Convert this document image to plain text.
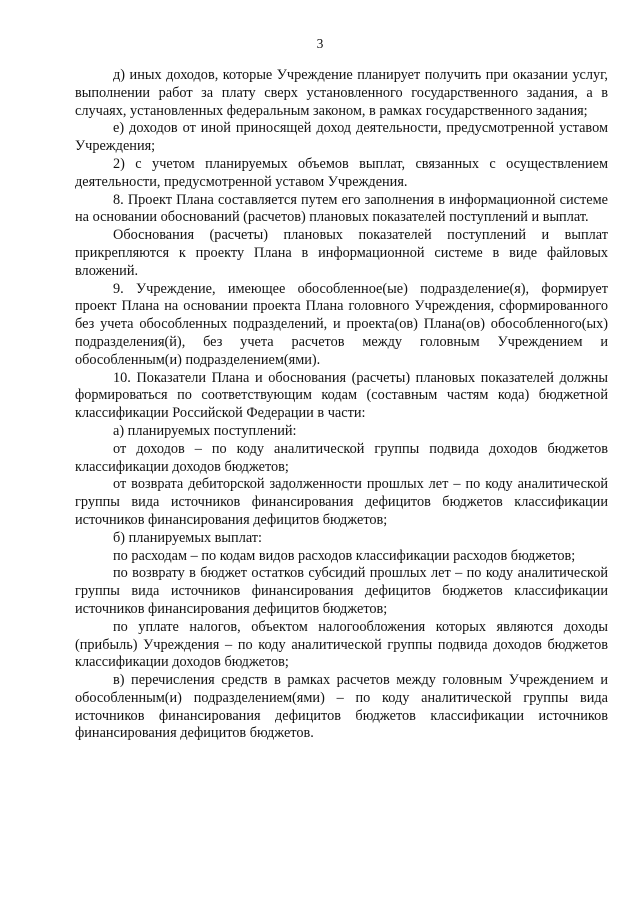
3

д) иных доходов, которые Учреждение планирует получить при оказании услуг, выполнении работ за плату сверх установленного государственного задания, а в случаях, установленных федеральным законом, в рамках государственного задания;

е) доходов от иной приносящей доход деятельности, предусмотренной уставом Учреждения;

2) с учетом планируемых объемов выплат, связанных с осуществлением деятельности, предусмотренной уставом Учреждения.

8. Проект Плана составляется путем его заполнения в информационной системе на основании обоснований (расчетов) плановых показателей поступлений и выплат.

Обоснования (расчеты) плановых показателей поступлений и выплат прикрепляются к проекту Плана в информационной системе в виде файловых вложений.

9. Учреждение, имеющее обособленное(ые) подразделение(я), формирует проект Плана на основании проекта Плана головного Учреждения, сформированного без учета обособленных подразделений, и проекта(ов) Плана(ов) обособленного(ых) подразделения(й), без учета расчетов между головным Учреждением и обособленным(и) подразделением(ями).

10. Показатели Плана и обоснования (расчеты) плановых показателей должны формироваться по соответствующим кодам (составным частям кода) бюджетной классификации Российской Федерации в части:

а) планируемых поступлений:

от доходов – по коду аналитической группы подвида доходов бюджетов классификации доходов бюджетов;

от возврата дебиторской задолженности прошлых лет – по коду аналитической группы вида источников финансирования дефицитов бюджетов классификации источников финансирования дефицитов бюджетов;

б) планируемых выплат:

по расходам – по кодам видов расходов классификации расходов бюджетов;

по возврату в бюджет остатков субсидий прошлых лет – по коду аналитической группы вида источников финансирования дефицитов бюджетов классификации источников финансирования дефицитов бюджетов;

по уплате налогов, объектом налогообложения которых являются доходы (прибыль) Учреждения – по коду аналитической группы подвида доходов бюджетов классификации доходов бюджетов;

в) перечисления средств в рамках расчетов между головным Учреждением и обособленным(и) подразделением(ями) – по коду аналитической группы вида источников финансирования дефицитов бюджетов классификации источников финансирования дефицитов бюджетов.
